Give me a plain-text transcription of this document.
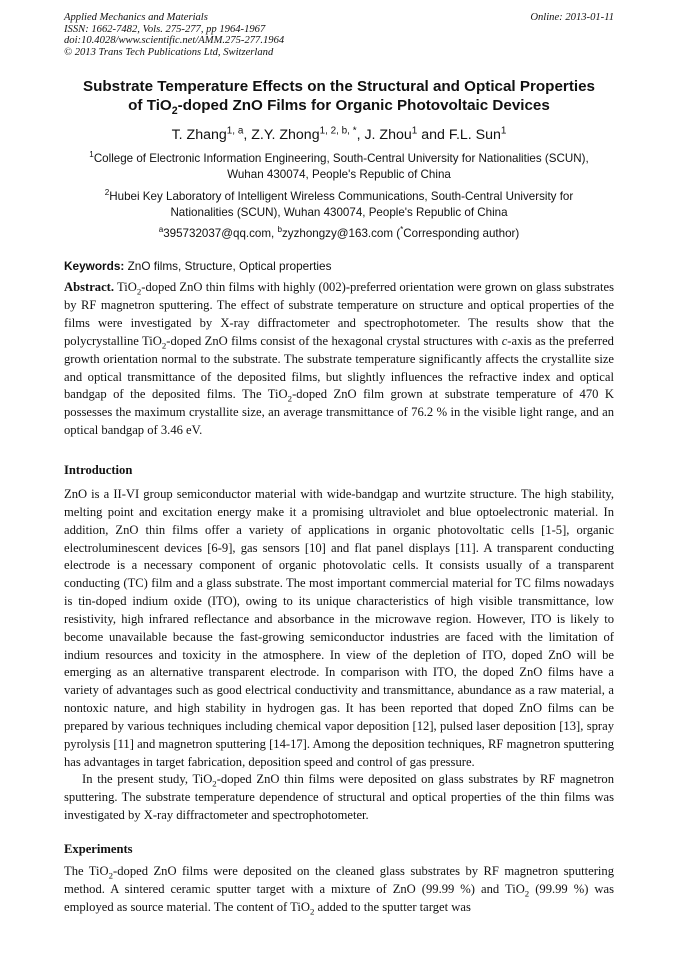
Applied Mechanics and Materials
ISSN: 1662-7482, Vols. 275-277, pp 1964-1967
doi:10.4028/www.scientific.net/AMM.275-277.1964
© 2013 Trans Tech Publications Ltd, Switzerland
Online: 2013-01-11
Substrate Temperature Effects on the Structural and Optical Properties
of TiO$_2$-doped ZnO Films for Organic Photovoltaic Devices
T. Zhang$^{1, a}$, Z.Y. Zhong$^{1, 2, b, *}$, J. Zhou$^1$ and F.L. Sun$^1$
$^1$College of Electronic Information Engineering, South-Central University for Nationalities (SCUN),
Wuhan 430074, People's Republic of China
$^2$Hubei Key Laboratory of Intelligent Wireless Communications, South-Central University for
Nationalities (SCUN), Wuhan 430074, People's Republic of China
$^a$395732037@qq.com, $^b$zyzhongzy@163.com (*Corresponding author)
Keywords: ZnO films, Structure, Optical properties

Abstract. TiO$_2$-doped ZnO thin films with highly (002)-preferred orientation were grown on glass substrates by RF magnetron sputtering. The effect of substrate temperature on structure and optical properties of the films were investigated by X-ray diffractometer and spectrophotometer. The results show that the polycrystalline TiO$_2$-doped ZnO films consist of the hexagonal crystal structures with c-axis as the preferred growth orientation normal to the substrate. The substrate temperature significantly affects the crystallite size and optical transmittance of the deposited films, but slightly influences the refractive index and optical bandgap of the deposited films. The TiO$_2$-doped ZnO film grown at substrate temperature of 470 K possesses the maximum crystallite size, an average transmittance of 76.2 % in the visible light range, and an optical bandgap of 3.46 eV.

Introduction

ZnO is a II-VI group semiconductor material with wide-bandgap and wurtzite structure. The high stability, melting point and excitation energy make it a promising ultraviolet and blue optoelectronic material. In addition, ZnO thin films offer a variety of applications in organic photovoltatic cells [1-5], organic electroluminescent devices [6-9], gas sensors [10] and flat panel displays [11]. A transparent conducting electrode is a necessary component of organic photovolatic cells. It consists usually of a transparent conducting (TC) film and a glass substrate. The most important commercial material for TC films nowadays is tin-doped indium oxide (ITO), owing to its unique characteristics of high visible transmittance, low resistivity, high infrared reflectance and absorbance in the microwave region. However, ITO is likely to become unavailable because the fast-growing semiconductor industries are faced with the limitation of indium resources and toxicity in the atmosphere. In view of the depletion of ITO, doped ZnO will be emerging as an alternative transparent electrode. In comparison with ITO, the doped ZnO films have a variety of advantages such as good electrical conductivity and transmittance, abundance as a raw material, a nontoxic nature, and high stability in hydrogen gas. It has been reported that doped ZnO films can be prepared by various techniques including chemical vapor deposition [12], pulsed laser deposition [13], spray pyrolysis [11] and magnetron sputtering [14-17]. Among the deposition techniques, RF magnetron sputtering has advantages in target fabrication, deposition speed and control of gas pressure.

In the present study, TiO$_2$-doped ZnO thin films were deposited on glass substrates by RF magnetron sputtering. The substrate temperature dependence of structural and optical properties of the thin films was investigated by X-ray diffractometer and spectrophotometer.

Experiments

The TiO$_2$-doped ZnO films were deposited on the cleaned glass substrates by RF magnetron sputtering method. A sintered ceramic sputter target with a mixture of ZnO (99.99 %) and TiO$_2$ (99.99 %) was employed as source material. The content of TiO$_2$ added to the sputter target was
